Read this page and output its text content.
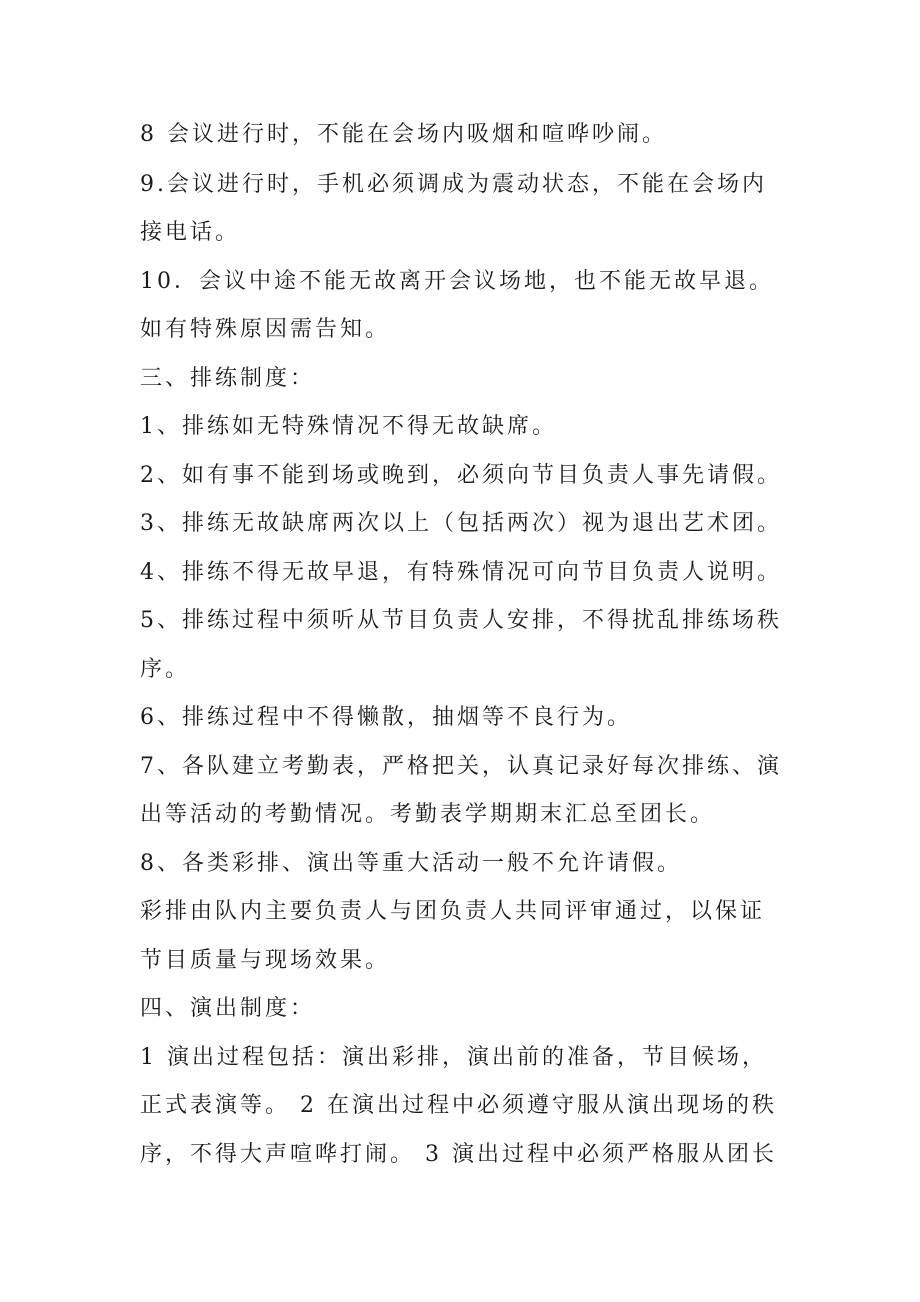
8 会议进行时，不能在会场内吸烟和喧哗吵闹。
9.会议进行时，手机必须调成为震动状态，不能在会场内
接电话。
10．会议中途不能无故离开会议场地，也不能无故早退。
如有特殊原因需告知。
三、排练制度：
1、排练如无特殊情况不得无故缺席。
2、如有事不能到场或晚到，必须向节目负责人事先请假。
3、排练无故缺席两次以上（包括两次）视为退出艺术团。
4、排练不得无故早退，有特殊情况可向节目负责人说明。
5、排练过程中须听从节目负责人安排，不得扰乱排练场秩
序。
6、排练过程中不得懒散，抽烟等不良行为。
7、各队建立考勤表，严格把关，认真记录好每次排练、演
出等活动的考勤情况。考勤表学期期末汇总至团长。
8、各类彩排、演出等重大活动一般不允许请假。
彩排由队内主要负责人与团负责人共同评审通过，以保证
节目质量与现场效果。
四、演出制度：
1 演出过程包括：演出彩排，演出前的准备，节目候场，
正式表演等。 2 在演出过程中必须遵守服从演出现场的秩
序，不得大声喧哗打闹。 3 演出过程中必须严格服从团长
